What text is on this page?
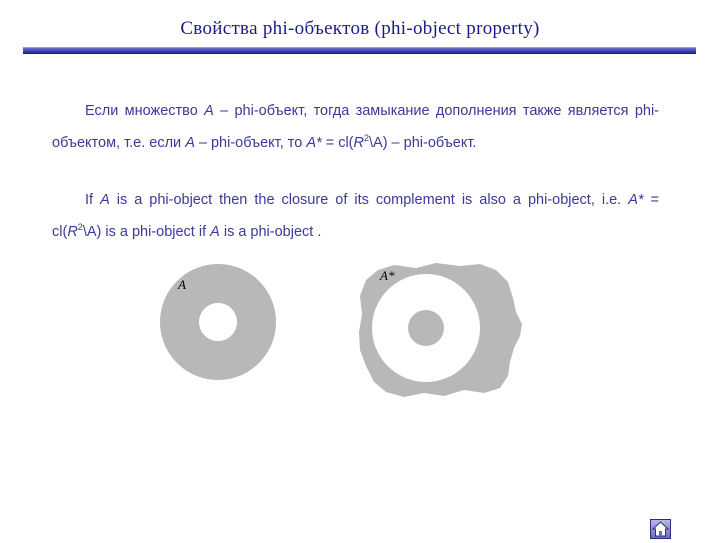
Свойства phi-объектов (phi-object property)
Если множество A – phi-объект, тогда замыкание дополнения также является phi-объектом, т.е. если A – phi-объект, то $A* = cl(R^2\backslash A)$ – phi-объект.
If A is a phi-object then the closure of its complement is also a phi-object, i.e. $A* = cl(R^2\backslash A)$ is a phi-object if A is a phi-object .
A
A*
